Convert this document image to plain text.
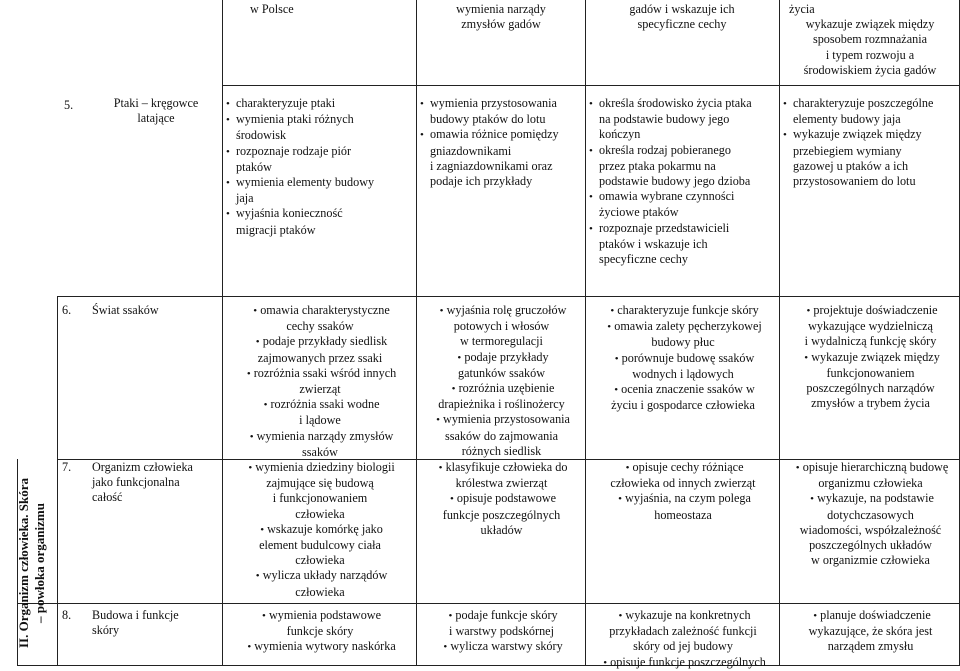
II. Organizm człowieka. Skóra – powłoka organizmu
w Polsce	wymienia narządy
zmysłów gadów
gadów i wskazuje ich
specyficzne cechy
życia
wykazuje związek między
sposobem rozmnażania
i typem rozwoju a
środowiskiem życia gadów
5.	Ptaki – kręgowce
latające
• charakteryzuje ptaki
• wymienia ptaki różnych
środowisk
• rozpoznaje rodzaje piór
ptaków
• wymienia elementy budowy
jaja
• wyjaśnia konieczność
migracji ptaków
• wymienia przystosowania
budowy ptaków do lotu
• omawia różnice pomiędzy
gniazdownikami
i zagniazdownikami oraz
podaje ich przykłady
• określa środowisko życia ptaka
na podstawie budowy jego
kończyn
• określa rodzaj pobieranego
przez ptaka pokarmu na
podstawie budowy jego dzioba
• omawia wybrane czynności
życiowe ptaków
• rozpoznaje przedstawicieli
ptaków i wskazuje ich
specyficzne cechy
• charakteryzuje poszczególne
elementy budowy jaja
• wykazuje związek między
przebiegiem wymiany
gazowej u ptaków a ich
przystosowaniem do lotu
6.	Świat ssaków
•	omawia charakterystyczne
cechy ssaków
• podaje przykłady siedlisk
zajmowanych przez ssaki
• rozróżnia ssaki wśród innych
zwierząt
• rozróżnia ssaki wodne
i lądowe
• wymienia narządy zmysłów
ssaków
• wyjaśnia rolę gruczołów
potowych i włosów
w termoregulacji
• podaje przykłady
gatunków ssaków
• rozróżnia uzębienie
drapieżnika i roślinożercy
• wymienia przystosowania
ssaków do zajmowania
różnych siedlisk
• charakteryzuje funkcje skóry
• omawia zalety pęcherzykowej
budowy płuc
• porównuje budowę ssaków
wodnych i lądowych
• ocenia znaczenie ssaków w
życiu i gospodarce człowieka
• projektuje doświadczenie
wykazujące wydzielniczą
i wydalniczą funkcję skóry
• wykazuje związek między
funkcjonowaniem
poszczególnych narządów
zmysłów a trybem życia
7.	Organizm człowieka
jako funkcjonalna
całość
• wymienia dziedziny biologii
zajmujące się budową
i funkcjonowaniem
człowieka
• wskazuje komórkę jako
element budulcowy ciała
człowieka
• wylicza układy narządów
człowieka
• klasyfikuje człowieka do
królestwa zwierząt
• opisuje podstawowe
funkcje poszczególnych
układów
• opisuje cechy różniące
człowieka od innych zwierząt
• wyjaśnia, na czym polega
homeostaza
• opisuje hierarchiczną budowę
organizmu człowieka
• wykazuje, na podstawie
dotychczasowych
wiadomości, współzależność
poszczególnych układów
w organizmie człowieka
8.	Budowa i funkcje
skóry
• wymienia podstawowe
funkcje skóry
• wymienia wytwory naskórka
• podaje funkcje skóry
i warstwy podskórnej
• wylicza warstwy skóry
• wykazuje na konkretnych
przykładach zależność funkcji
skóry od jej budowy
• opisuje funkcje poszczególnych
• planuje doświadczenie
wykazujące, że skóra jest
narządem zmysłu
